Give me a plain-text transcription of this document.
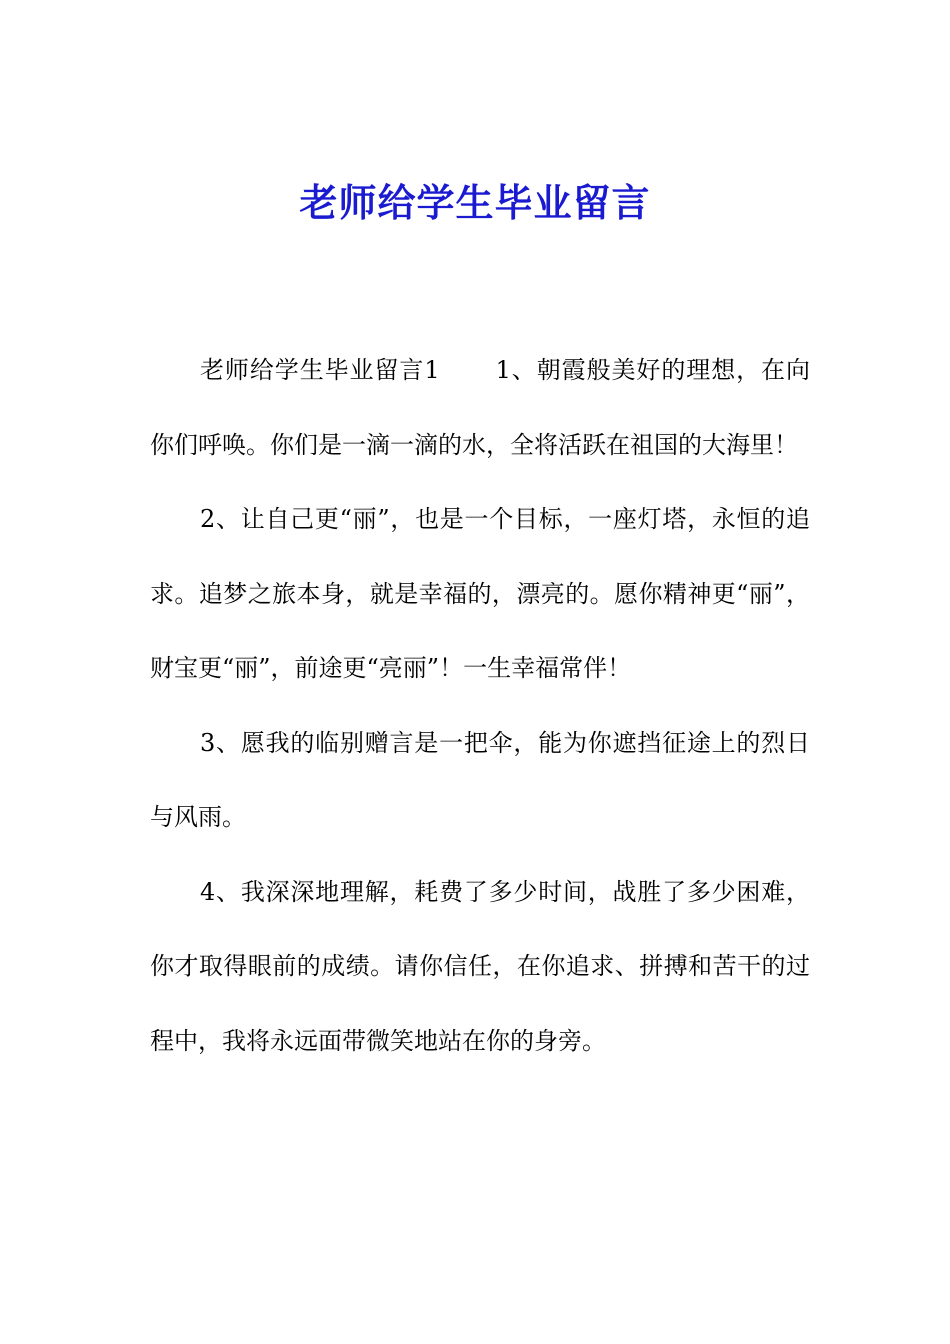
老师给学生毕业留言

老师给学生毕业留言1 1、朝霞般美好的理想，在向你们呼唤。你们是一滴一滴的水，全将活跃在祖国的大海里！

2、让自己更“丽”，也是一个目标，一座灯塔，永恒的追求。追梦之旅本身，就是幸福的，漂亮的。愿你精神更“丽”，财宝更“丽”，前途更“亮丽”！一生幸福常伴！

3、愿我的临别赠言是一把伞，能为你遮挡征途上的烈日与风雨。

4、我深深地理解，耗费了多少时间，战胜了多少困难，你才取得眼前的成绩。请你信任，在你追求、拼搏和苦干的过程中，我将永远面带微笑地站在你的身旁。
